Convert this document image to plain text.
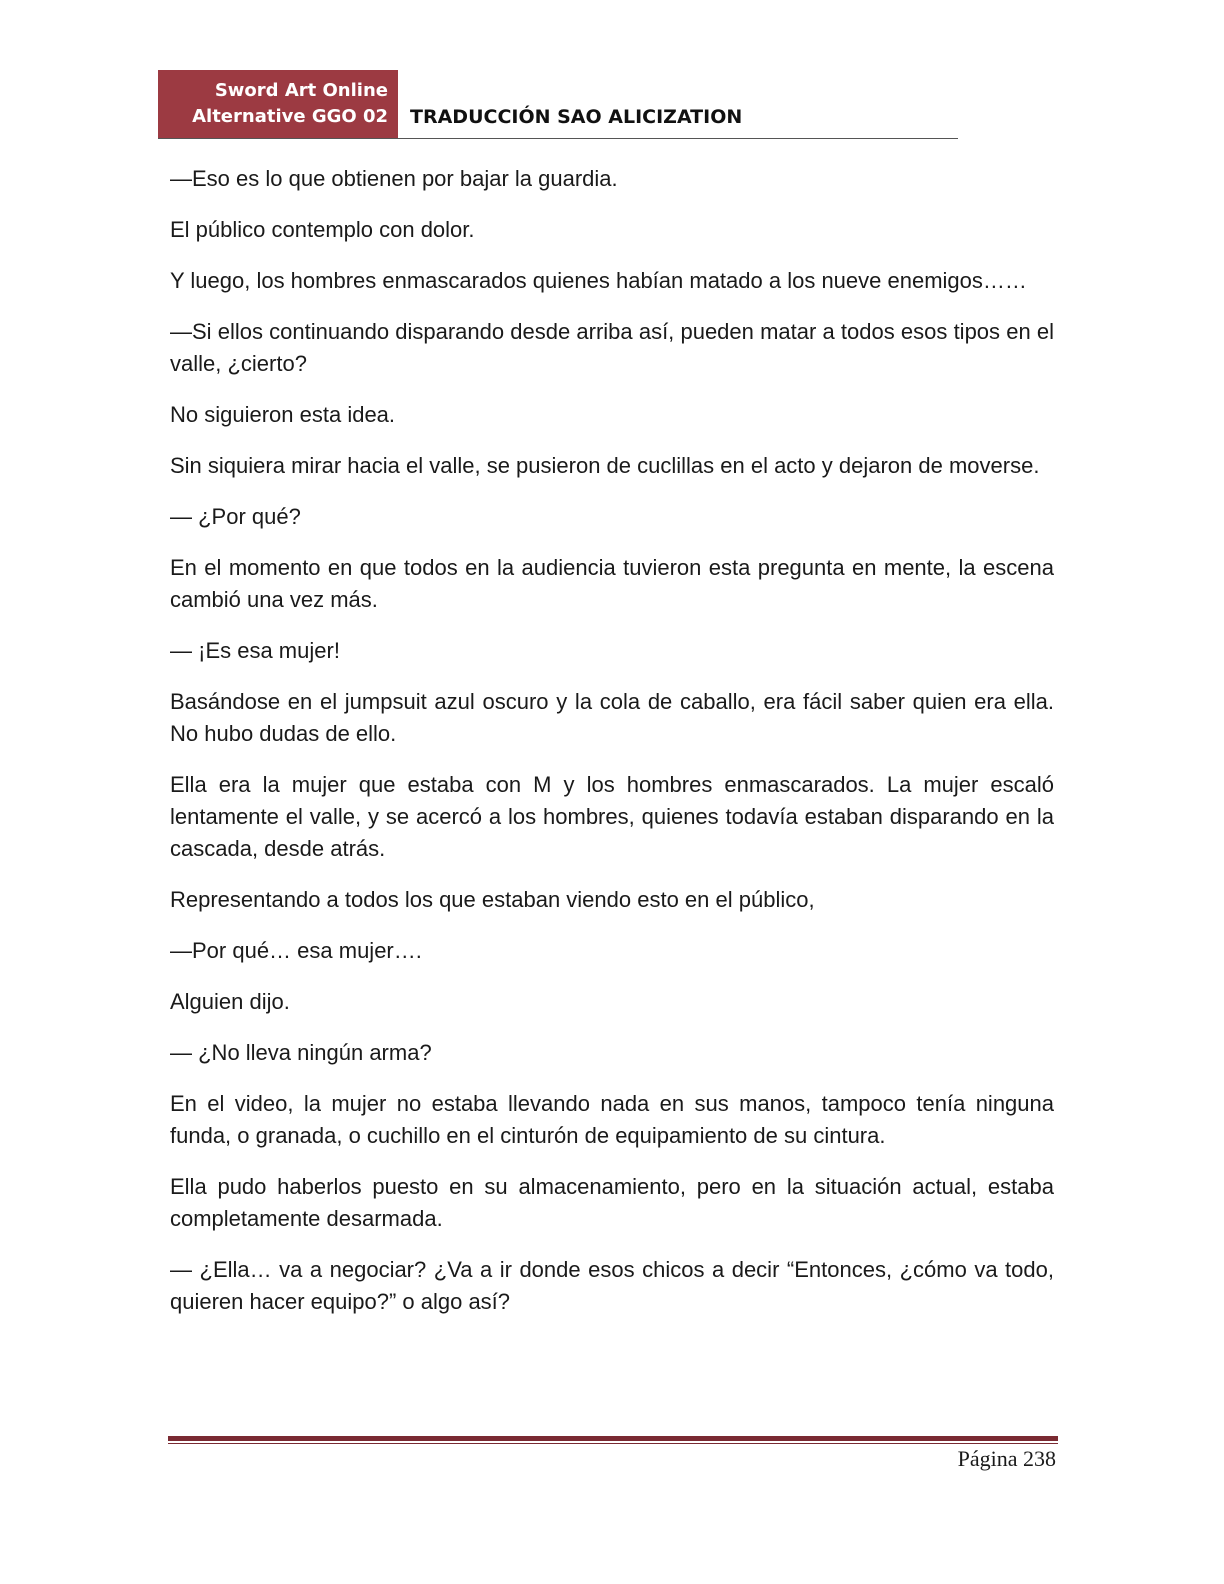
Sword Art Online
Alternative GGO 02 TRADUCCIÓN SAO ALICIZATION

—Eso es lo que obtienen por bajar la guardia.

El público contemplo con dolor.

Y luego, los hombres enmascarados quienes habían matado a los nueve enemigos……

—Si ellos continuando disparando desde arriba así, pueden matar a todos esos tipos en el valle, ¿cierto?

No siguieron esta idea.

Sin siquiera mirar hacia el valle, se pusieron de cuclillas en el acto y dejaron de moverse.

— ¿Por qué?

En el momento en que todos en la audiencia tuvieron esta pregunta en mente, la escena cambió una vez más.

— ¡Es esa mujer!

Basándose en el jumpsuit azul oscuro y la cola de caballo, era fácil saber quien era ella. No hubo dudas de ello.

Ella era la mujer que estaba con M y los hombres enmascarados. La mujer escaló lentamente el valle, y se acercó a los hombres, quienes todavía estaban disparando en la cascada, desde atrás.

Representando a todos los que estaban viendo esto en el público,

—Por qué… esa mujer….

Alguien dijo.

— ¿No lleva ningún arma?

En el video, la mujer no estaba llevando nada en sus manos, tampoco tenía ninguna funda, o granada, o cuchillo en el cinturón de equipamiento de su cintura.

Ella pudo haberlos puesto en su almacenamiento, pero en la situación actual, estaba completamente desarmada.

— ¿Ella… va a negociar? ¿Va a ir donde esos chicos a decir “Entonces, ¿cómo va todo, quieren hacer equipo?” o algo así?

Página 238
